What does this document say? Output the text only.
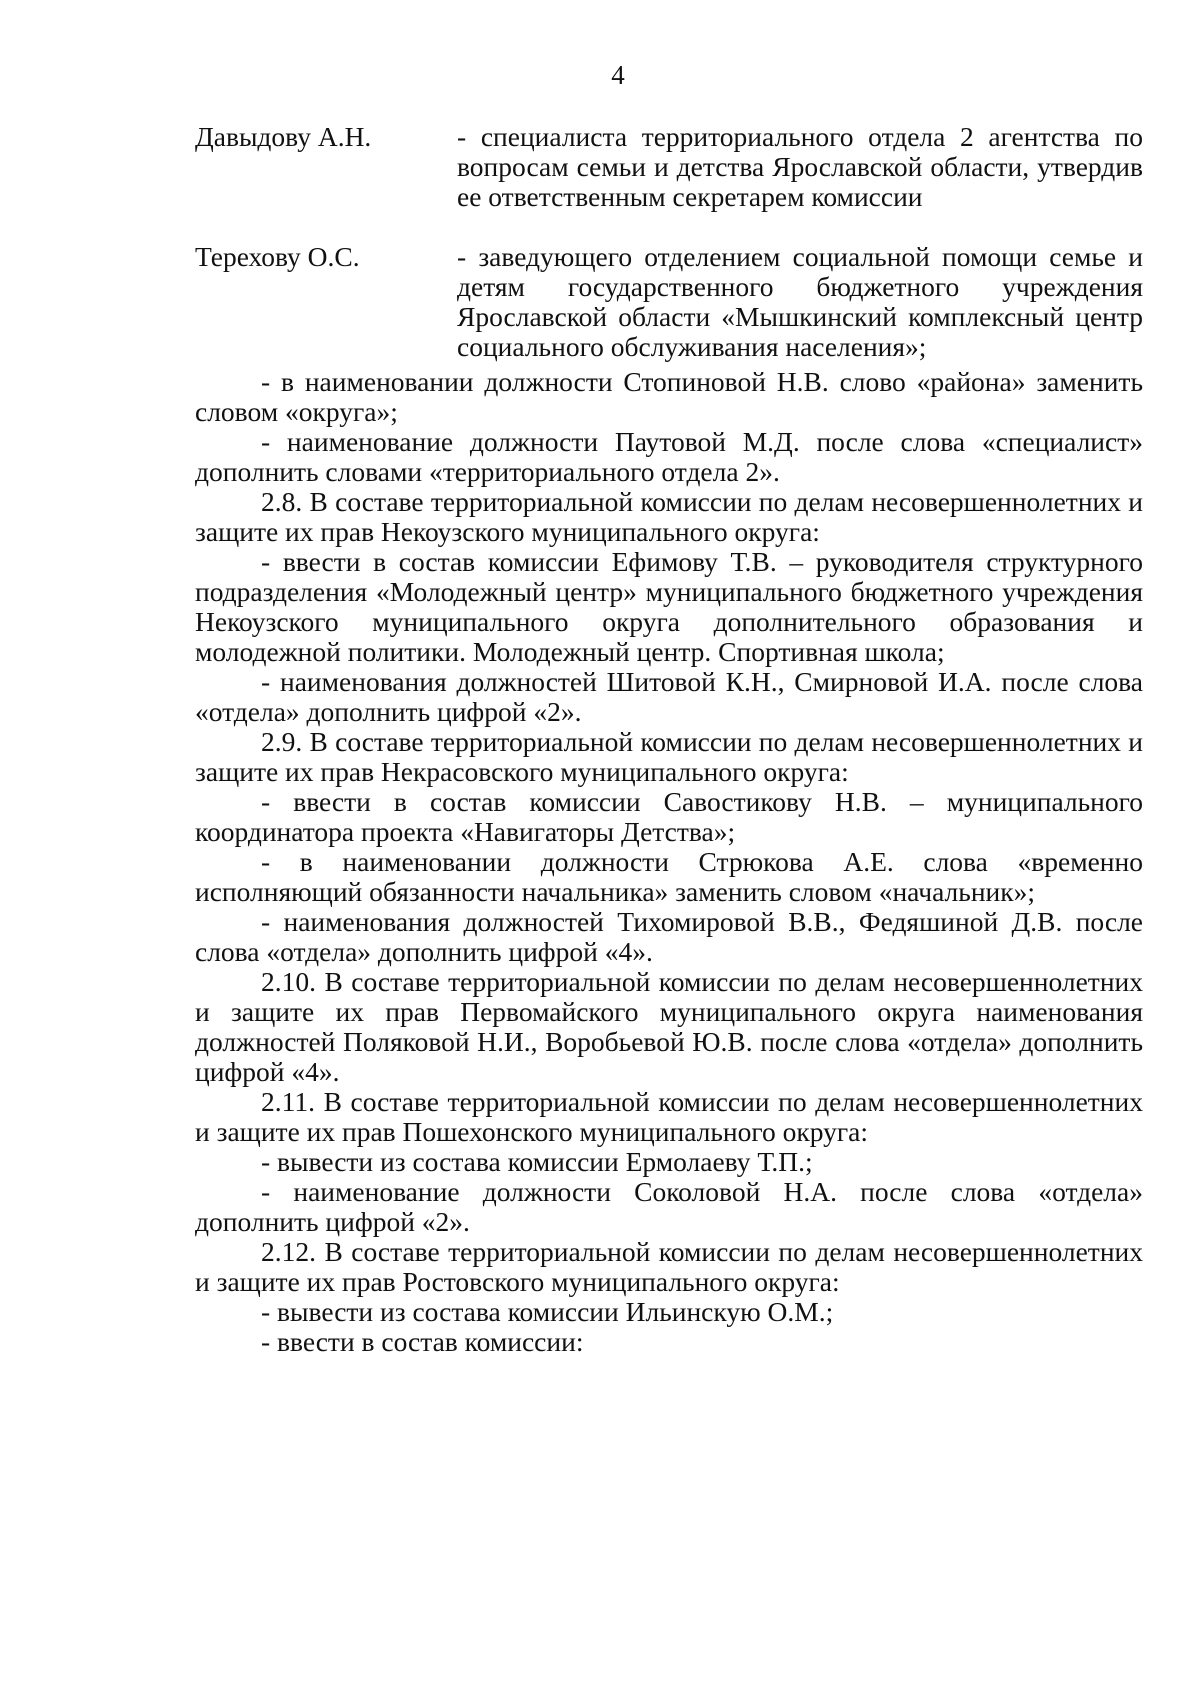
4
Давыдову А.Н.	- специалиста территориального отдела 2 агентства по вопросам семьи и детства Ярославской области, утвердив ее ответственным секретарем комиссии
Терехову О.С.	- заведующего отделением социальной помощи семье и детям государственного бюджетного учреждения Ярославской области «Мышкинский комплексный центр социального обслуживания населения»;

- в наименовании должности Стопиновой Н.В. слово «района» заменить словом «округа»;

- наименование должности Паутовой М.Д. после слова «специалист» дополнить словами «территориального отдела 2».

2.8. В составе территориальной комиссии по делам несовершеннолетних и защите их прав Некоузского муниципального округа:

- ввести в состав комиссии Ефимову Т.В. – руководителя структурного подразделения «Молодежный центр» муниципального бюджетного учреждения Некоузского муниципального округа дополнительного образования и молодежной политики. Молодежный центр. Спортивная школа;

- наименования должностей Шитовой К.Н., Смирновой И.А. после слова «отдела» дополнить цифрой «2».

2.9. В составе территориальной комиссии по делам несовершеннолетних и защите их прав Некрасовского муниципального округа:

- ввести в состав комиссии Савостикову Н.В. – муниципального координатора проекта «Навигаторы Детства»;

- в наименовании должности Стрюкова А.Е. слова «временно исполняющий обязанности начальника» заменить словом «начальник»;

- наименования должностей Тихомировой В.В., Федяшиной Д.В. после слова «отдела» дополнить цифрой «4».

2.10. В составе территориальной комиссии по делам несовершеннолетних и защите их прав Первомайского муниципального округа наименования должностей Поляковой Н.И., Воробьевой Ю.В. после слова «отдела» дополнить цифрой «4».

2.11. В составе территориальной комиссии по делам несовершеннолетних и защите их прав Пошехонского муниципального округа:

- вывести из состава комиссии Ермолаеву Т.П.;

- наименование должности Соколовой Н.А. после слова «отдела» дополнить цифрой «2».

2.12. В составе территориальной комиссии по делам несовершеннолетних и защите их прав Ростовского муниципального округа:

- вывести из состава комиссии Ильинскую О.М.;

- ввести в состав комиссии:
